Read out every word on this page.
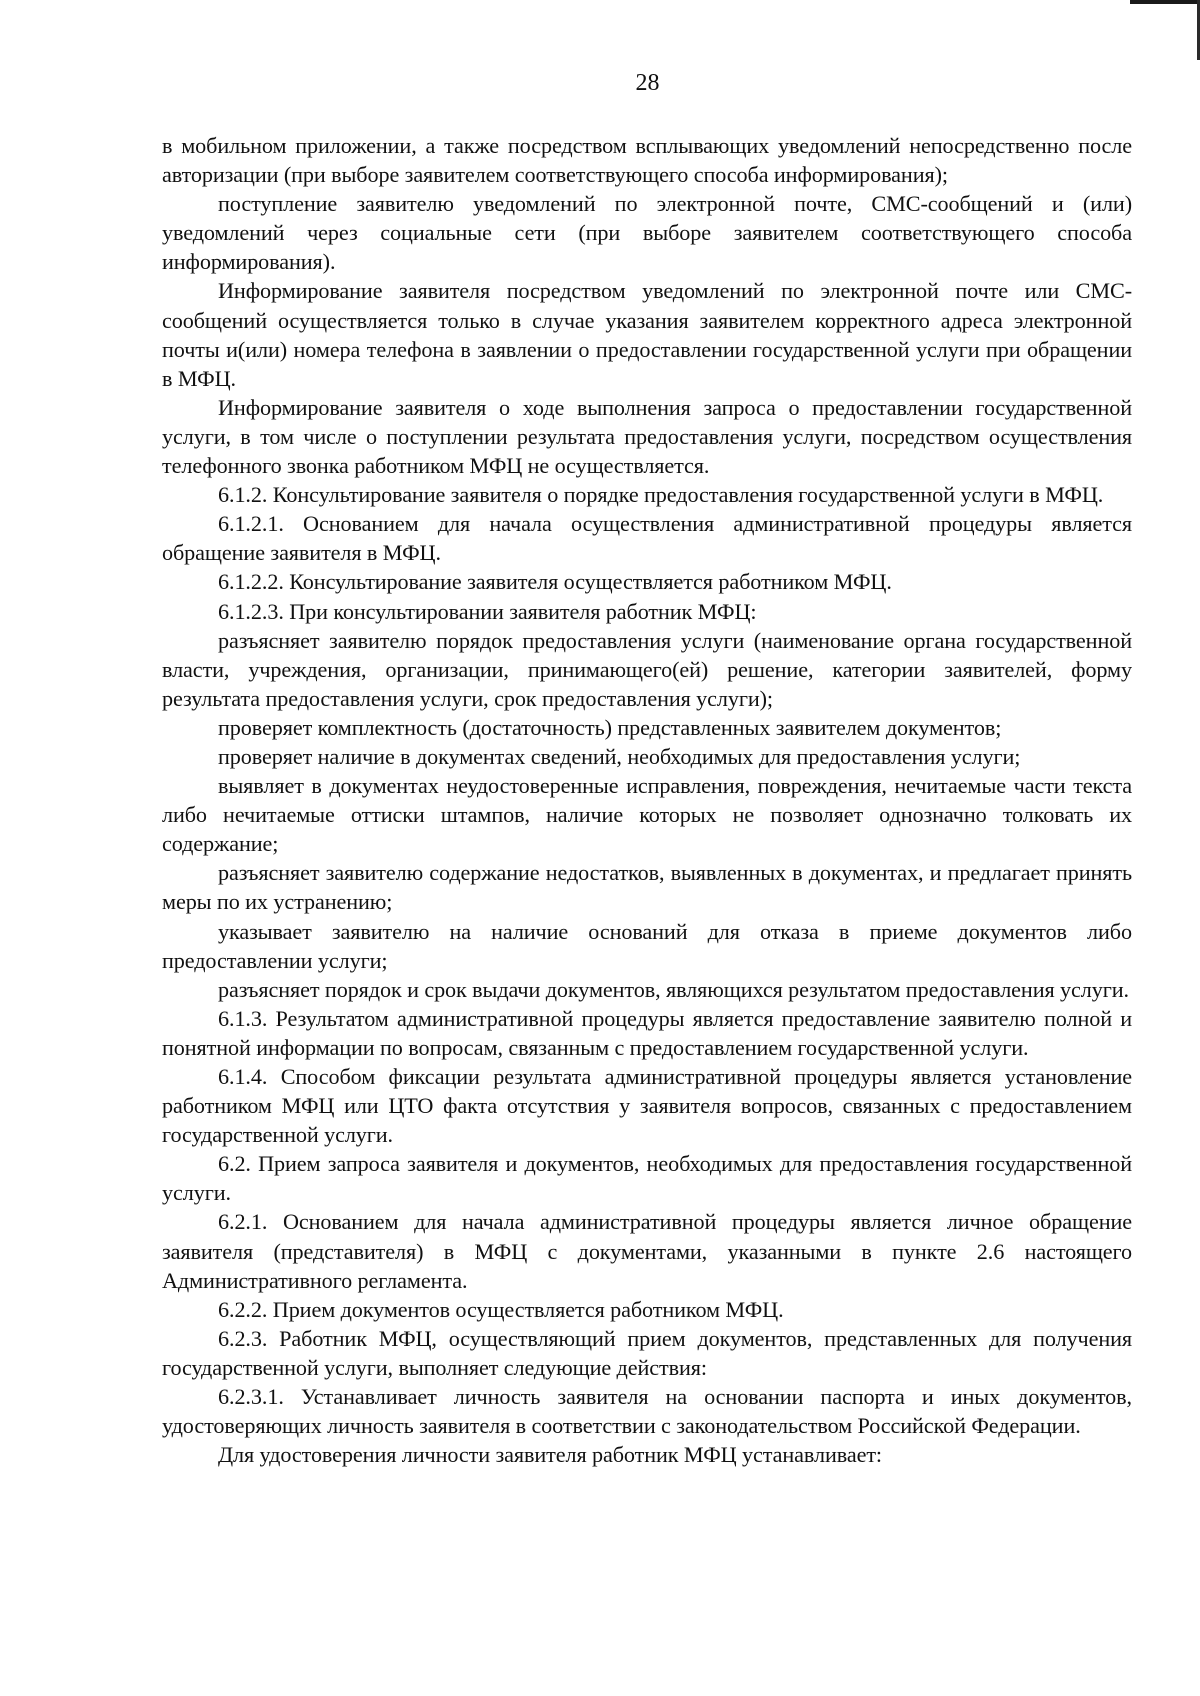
28

в мобильном приложении, а также посредством всплывающих уведомлений непосредственно после авторизации (при выборе заявителем соответствующего способа информирования);

поступление заявителю уведомлений по электронной почте, СМС-сообщений и (или) уведомлений через социальные сети (при выборе заявителем соответствующего способа информирования).

Информирование заявителя посредством уведомлений по электронной почте или СМС-сообщений осуществляется только в случае указания заявителем корректного адреса электронной почты и(или) номера телефона в заявлении о предоставлении государственной услуги при обращении в МФЦ.

Информирование заявителя о ходе выполнения запроса о предоставлении государственной услуги, в том числе о поступлении результата предоставления услуги, посредством осуществления телефонного звонка работником МФЦ не осуществляется.

6.1.2. Консультирование заявителя о порядке предоставления государственной услуги в МФЦ.

6.1.2.1. Основанием для начала осуществления административной процедуры является обращение заявителя в МФЦ.

6.1.2.2. Консультирование заявителя осуществляется работником МФЦ.

6.1.2.3. При консультировании заявителя работник МФЦ:

разъясняет заявителю порядок предоставления услуги (наименование органа государственной власти, учреждения, организации, принимающего(ей) решение, категории заявителей, форму результата предоставления услуги, срок предоставления услуги);

проверяет комплектность (достаточность) представленных заявителем документов;

проверяет наличие в документах сведений, необходимых для предоставления услуги;

выявляет в документах неудостоверенные исправления, повреждения, нечитаемые части текста либо нечитаемые оттиски штампов, наличие которых не позволяет однозначно толковать их содержание;

разъясняет заявителю содержание недостатков, выявленных в документах, и предлагает принять меры по их устранению;

указывает заявителю на наличие оснований для отказа в приеме документов либо предоставлении услуги;

разъясняет порядок и срок выдачи документов, являющихся результатом предоставления услуги.

6.1.3. Результатом административной процедуры является предоставление заявителю полной и понятной информации по вопросам, связанным с предоставлением государственной услуги.

6.1.4. Способом фиксации результата административной процедуры является установление работником МФЦ или ЦТО факта отсутствия у заявителя вопросов, связанных с предоставлением государственной услуги.

6.2. Прием запроса заявителя и документов, необходимых для предоставления государственной услуги.

6.2.1. Основанием для начала административной процедуры является личное обращение заявителя (представителя) в МФЦ с документами, указанными в пункте 2.6 настоящего Административного регламента.

6.2.2. Прием документов осуществляется работником МФЦ.

6.2.3. Работник МФЦ, осуществляющий прием документов, представленных для получения государственной услуги, выполняет следующие действия:

6.2.3.1. Устанавливает личность заявителя на основании паспорта и иных документов, удостоверяющих личность заявителя в соответствии с законодательством Российской Федерации.

Для удостоверения личности заявителя работник МФЦ устанавливает:
